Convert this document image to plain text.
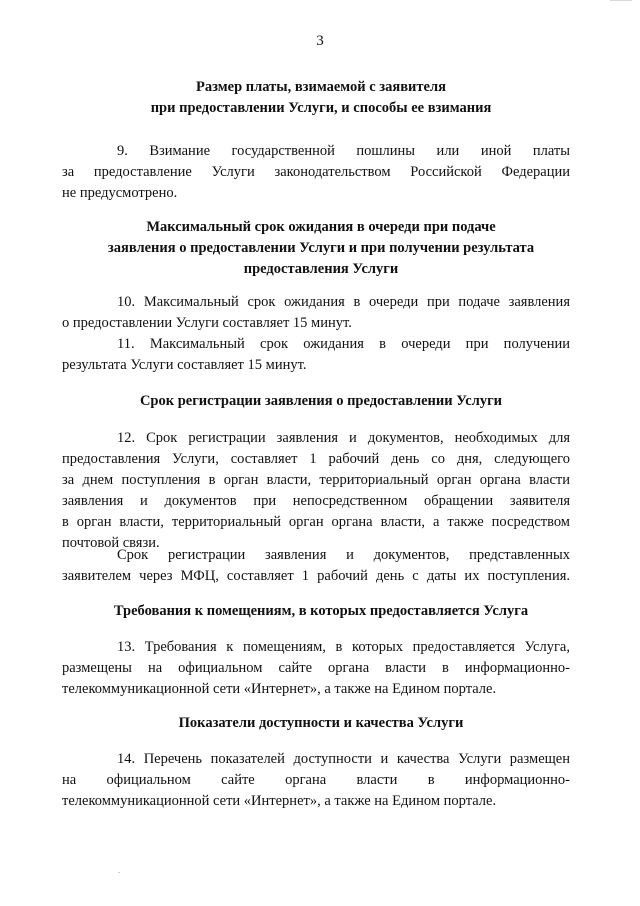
3
Размер платы, взимаемой с заявителя
при предоставлении Услуги, и способы ее взимания
9. Взимание государственной пошлины или иной платы
за предоставление Услуги законодательством Российской Федерации
не предусмотрено.
Максимальный срок ожидания в очереди при подаче
заявления о предоставлении Услуги и при получении результата
предоставления Услуги
10. Максимальный срок ожидания в очереди при подаче заявления
о предоставлении Услуги составляет 15 минут.
11. Максимальный срок ожидания в очереди при получении
результата Услуги составляет 15 минут.
Срок регистрации заявления о предоставлении Услуги
12. Срок регистрации заявления и документов, необходимых для
предоставления Услуги, составляет 1 рабочий день со дня, следующего
за днем поступления в орган власти, территориальный орган органа власти
заявления и документов при непосредственном обращении заявителя
в орган власти, территориальный орган органа власти, а также посредством
почтовой связи.
Срок регистрации заявления и документов, представленных
заявителем через МФЦ, составляет 1 рабочий день с даты их поступления.
Требования к помещениям, в которых предоставляется Услуга
13. Требования к помещениям, в которых предоставляется Услуга,
размещены на официальном сайте органа власти в информационно-
телекоммуникационной сети «Интернет», а также на Едином портале.
Показатели доступности и качества Услуги
14. Перечень показателей доступности и качества Услуги размещен
на официальном сайте органа власти в информационно-
телекоммуникационной сети «Интернет», а также на Едином портале.
